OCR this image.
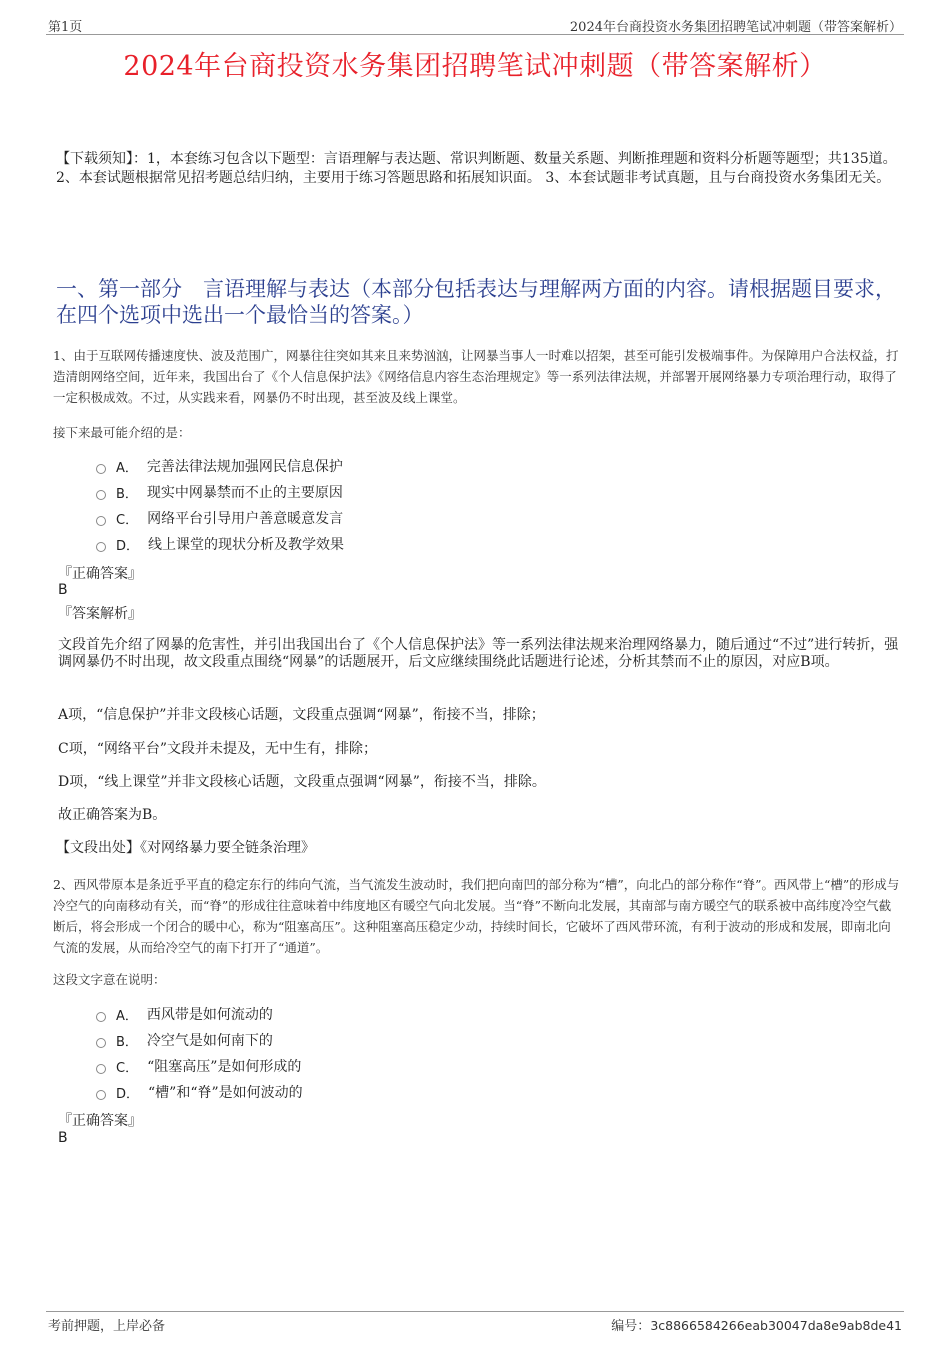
第1页	2024年台商投资水务集团招聘笔试冲刺题（带答案解析）
2024年台商投资水务集团招聘笔试冲刺题（带答案解析）
【下载须知】：1，本套练习包含以下题型：言语理解与表达题、常识判断题、数量关系题、判断推理题和资料分析题等题型；共135道。 2、本套试题根据常见招考题总结归纳，主要用于练习答题思路和拓展知识面。 3、本套试题非考试真题，且与台商投资水务集团无关。
一、第一部分　言语理解与表达（本部分包括表达与理解两方面的内容。请根据题目要求，在四个选项中选出一个最恰当的答案。）
1、由于互联网传播速度快、波及范围广，网暴往往突如其来且来势汹汹，让网暴当事人一时难以招架，甚至可能引发极端事件。为保障用户合法权益，打造清朗网络空间，近年来，我国出台了《个人信息保护法》《网络信息内容生态治理规定》等一系列法律法规，并部署开展网络暴力专项治理行动，取得了一定积极成效。不过，从实践来看，网暴仍不时出现，甚至波及线上课堂。
接下来最可能介绍的是：
A． 完善法律法规加强网民信息保护
B． 现实中网暴禁而不止的主要原因
C． 网络平台引导用户善意暖意发言
D． 线上课堂的现状分析及教学效果
『正确答案』
B
『答案解析』
文段首先介绍了网暴的危害性，并引出我国出台了《个人信息保护法》等一系列法律法规来治理网络暴力，随后通过“不过”进行转折，强调网暴仍不时出现，故文段重点围绕“网暴”的话题展开，后文应继续围绕此话题进行论述，分析其禁而不止的原因，对应B项。
A项，“信息保护”并非文段核心话题，文段重点强调“网暴”，衔接不当，排除；
C项，“网络平台”文段并未提及，无中生有，排除；
D项，“线上课堂”并非文段核心话题，文段重点强调“网暴”，衔接不当，排除。
故正确答案为B。
【文段出处】《对网络暴力要全链条治理》
2、西风带原本是条近乎平直的稳定东行的纬向气流，当气流发生波动时，我们把向南凹的部分称为“槽”，向北凸的部分称作“脊”。西风带上“槽”的形成与冷空气的向南移动有关，而“脊”的形成往往意味着中纬度地区有暖空气向北发展。当“脊”不断向北发展，其南部与南方暖空气的联系被中高纬度冷空气截断后，将会形成一个闭合的暖中心，称为“阻塞高压”。这种阻塞高压稳定少动，持续时间长，它破坏了西风带环流，有利于波动的形成和发展，即南北向气流的发展，从而给冷空气的南下打开了“通道”。
这段文字意在说明：
A． 西风带是如何流动的
B． 冷空气是如何南下的
C． “阻塞高压”是如何形成的
D． “槽”和“脊”是如何波动的
『正确答案』
B
考前押题，上岸必备	编号：3c8866584266eab30047da8e9ab8de41
